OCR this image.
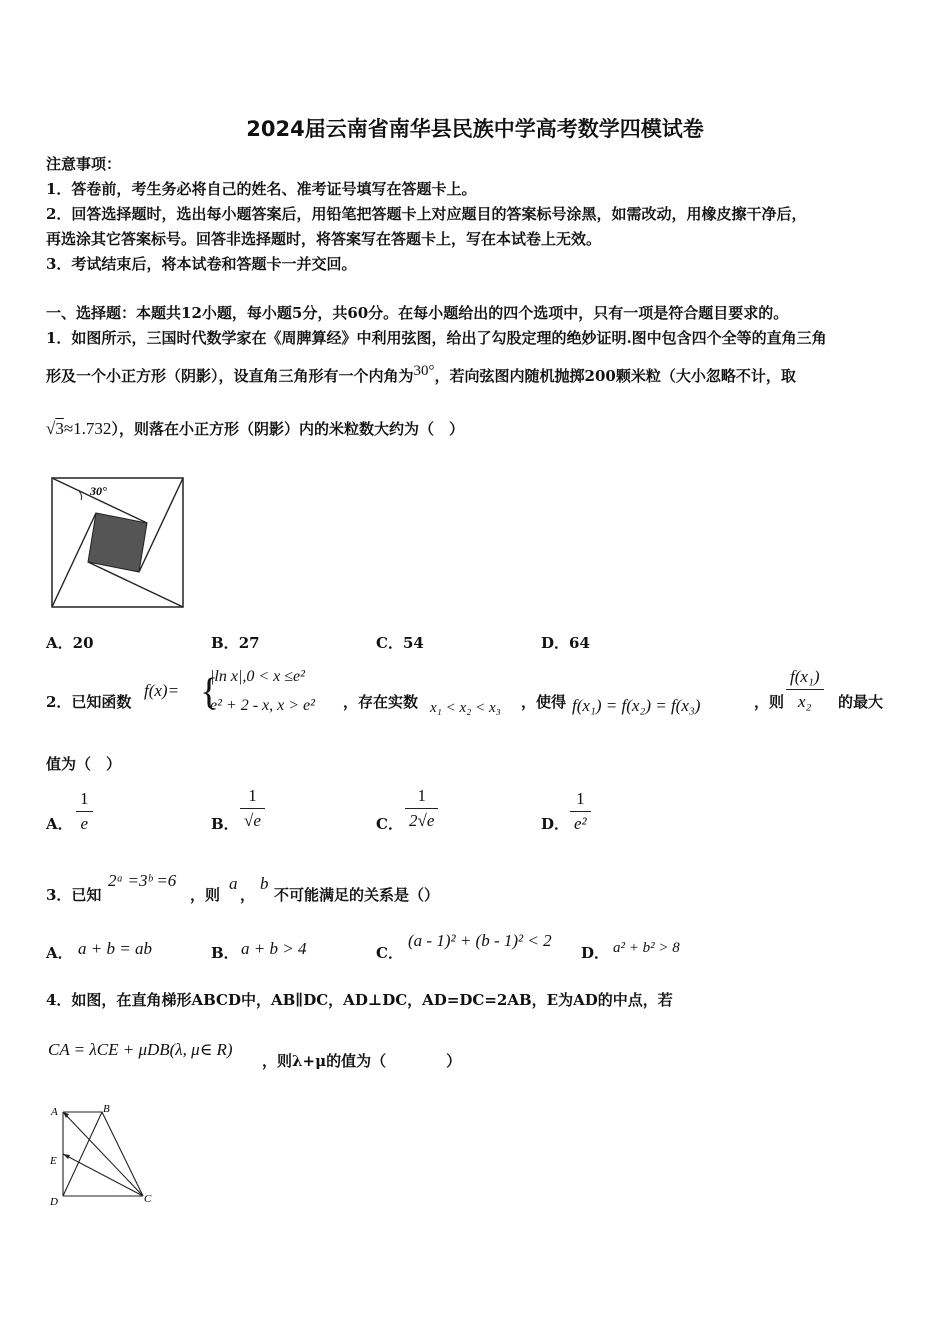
2024届云南省南华县民族中学高考数学四模试卷
注意事项：
1．答卷前，考生务必将自己的姓名、准考证号填写在答题卡上。
2．回答选择题时，选出每小题答案后，用铅笔把答题卡上对应题目的答案标号涂黑，如需改动，用橡皮擦干净后，
再选涂其它答案标号。回答非选择题时，将答案写在答题卡上，写在本试卷上无效。
3．考试结束后，将本试卷和答题卡一并交回。
一、选择题：本题共12小题，每小题5分，共60分。在每小题给出的四个选项中，只有一项是符合题目要求的。
1．如图所示，三国时代数学家在《周脾算经》中利用弦图，给出了勾股定理的绝妙证明.图中包含四个全等的直角三角
形及一个小正方形（阴影），设直角三角形有一个内角为30°，若向弦图内随机抛掷200颗米粒（大小忽略不计，取
√3≈1.732），则落在小正方形（阴影）内的米粒数大约为（　）
30°
A．20	B．27	C．54	D．64
2．已知函数
f(x)= {
|ln x|,0 < x ≤e²
e² + 2 - x, x > e² ，存在实数 x₁ < x₂ < x₃ ，使得 f(x₁) = f(x₂) = f(x₃)	，则 $\frac{\text{f(x₁)}}{\text{x₂}}$ 的最大
值为（　）
A． $\frac{1}{e}$	B． $\frac{1}{√e}$	C． $\frac{1}{2√e}$	D． $\frac{1}{\text{e²}}$
3．已知
2ᵃ =3ᵇ =6
，则
a
，
b
不可能满足的关系是（）
A． a + b = ab	B． a + b > 4	C．
(a - 1)² + (b - 1)² < 2
D． a² + b² > 8
4．如图，在直角梯形ABCD中，AB∥DC，AD⊥DC，AD=DC=2AB，E为AD的中点，若
CA = λCE + μDB(λ, μ∈ R)
，则λ+μ的值为（　　　　）
A	B
E
D	C
